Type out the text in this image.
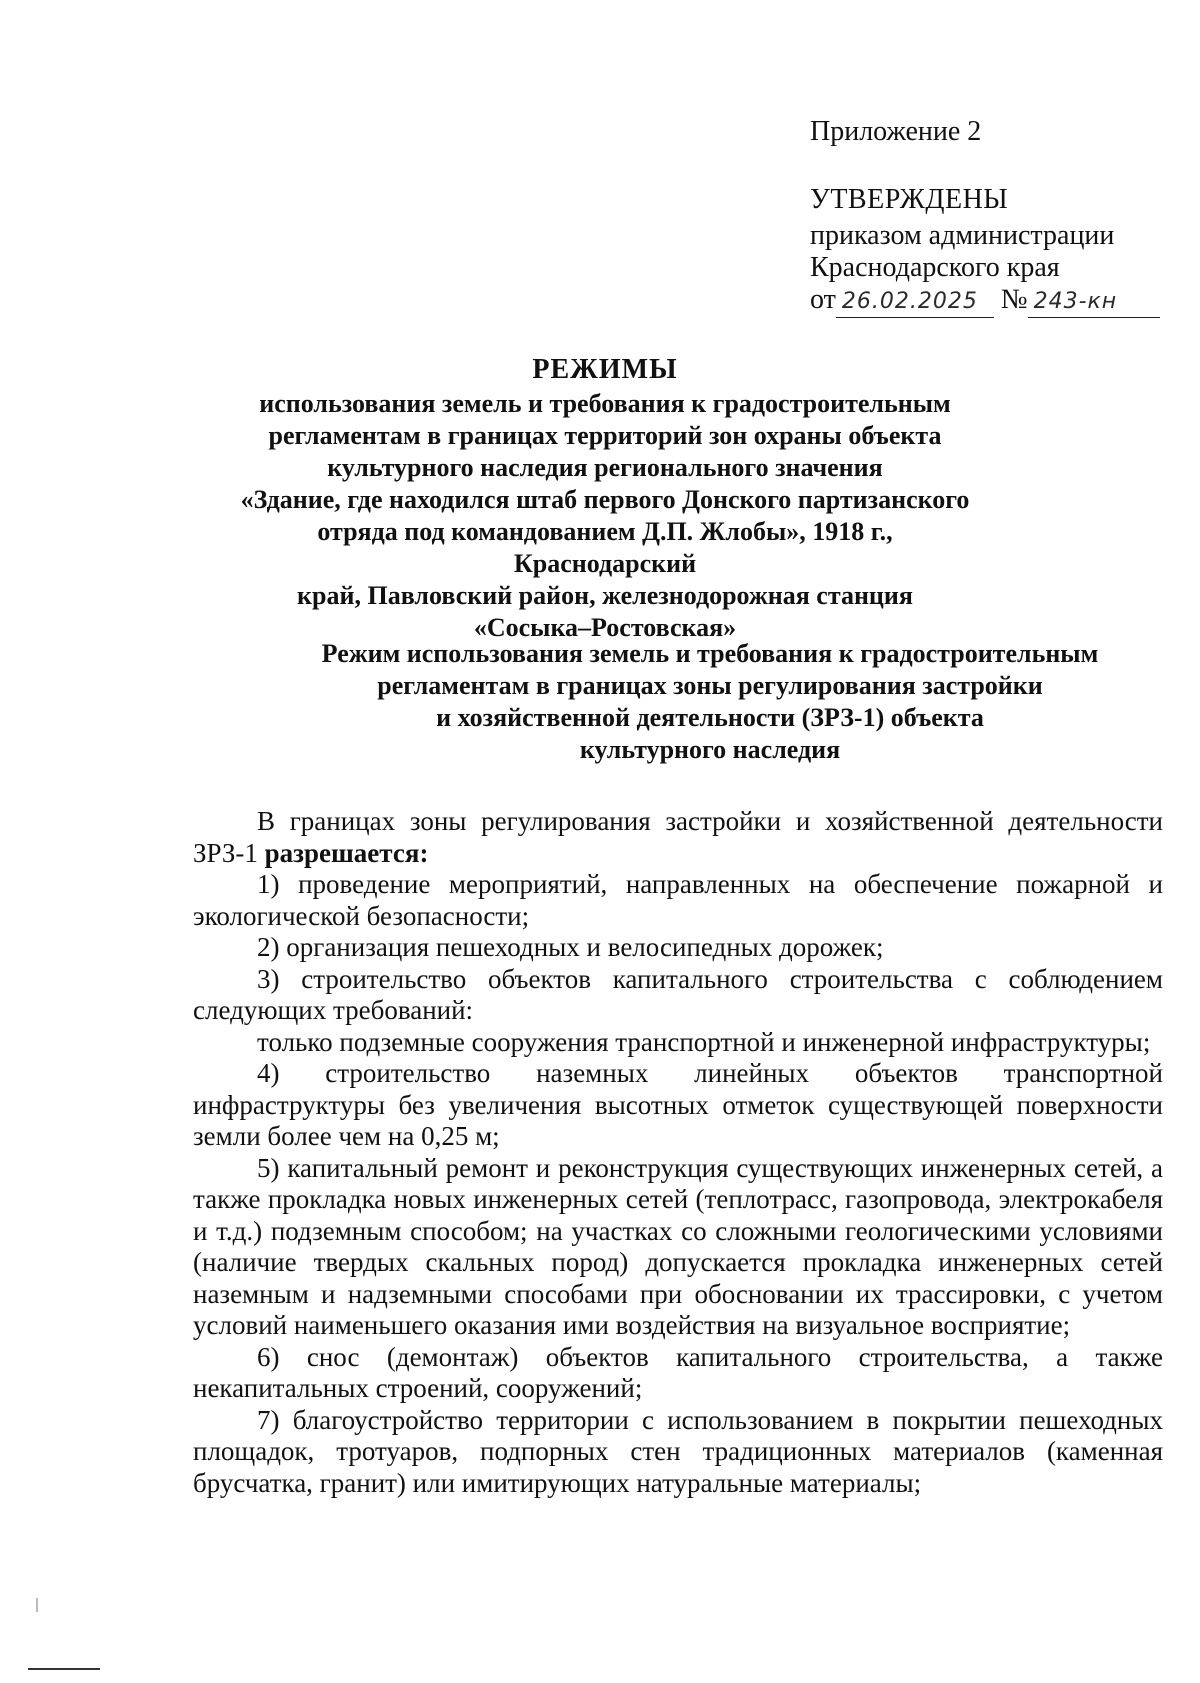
Приложение 2
УТВЕРЖДЕНЫ
приказом администрации
Краснодарского края
от 26.02.2025 № 243-кн
РЕЖИМЫ
использования земель и требования к градостроительным
регламентам в границах территорий зон охраны объекта
культурного наследия регионального значения
«Здание, где находился штаб первого Донского партизанского
отряда под командованием Д.П. Жлобы», 1918 г., Краснодарский
край, Павловский район, железнодорожная станция
«Сосыка–Ростовская»
Режим использования земель и требования к градостроительным
регламентам в границах зоны регулирования застройки
и хозяйственной деятельности (ЗРЗ-1) объекта
культурного наследия

В границах зоны регулирования застройки и хозяйственной деятельности ЗРЗ-1 разрешается:

1) проведение мероприятий, направленных на обеспечение пожарной и экологической безопасности;

2) организация пешеходных и велосипедных дорожек;

3) строительство объектов капитального строительства с соблюдением следующих требований:

только подземные сооружения транспортной и инженерной инфраструктуры;

4) строительство наземных линейных объектов транспортной инфраструктуры без увеличения высотных отметок существующей поверхности земли более чем на 0,25 м;

5) капитальный ремонт и реконструкция существующих инженерных сетей, а также прокладка новых инженерных сетей (теплотрасс, газопровода, электрокабеля и т.д.) подземным способом; на участках со сложными геологическими условиями (наличие твердых скальных пород) допускается прокладка инженерных сетей наземным и надземными способами при обосновании их трассировки, с учетом условий наименьшего оказания ими воздействия на визуальное восприятие;

6) снос (демонтаж) объектов капитального строительства, а также некапитальных строений, сооружений;

7) благоустройство территории с использованием в покрытии пешеходных площадок, тротуаров, подпорных стен традиционных материалов (каменная брусчатка, гранит) или имитирующих натуральные материалы;
